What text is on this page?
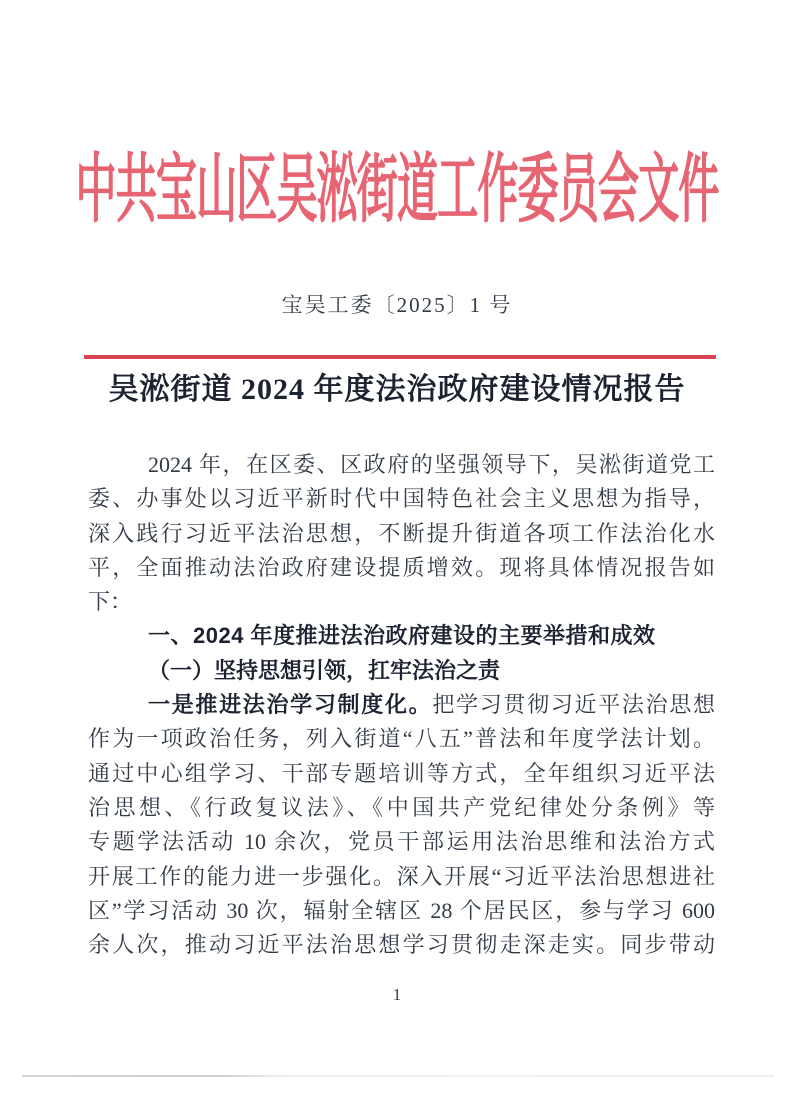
中共宝山区吴淞街道工作委员会文件
宝吴工委〔2025〕1 号
吴淞街道 2024 年度法治政府建设情况报告
2024 年，在区委、区政府的坚强领导下，吴淞街道党工
委、办事处以习近平新时代中国特色社会主义思想为指导，
深入践行习近平法治思想，不断提升街道各项工作法治化水
平，全面推动法治政府建设提质增效。现将具体情况报告如
下：
一、2024 年度推进法治政府建设的主要举措和成效
（一）坚持思想引领，扛牢法治之责
一是推进法治学习制度化。把学习贯彻习近平法治思想
作为一项政治任务，列入街道“八五”普法和年度学法计划。
通过中心组学习、干部专题培训等方式，全年组织习近平法
治思想、《行政复议法》、《中国共产党纪律处分条例》等
专题学法活动 10 余次，党员干部运用法治思维和法治方式
开展工作的能力进一步强化。深入开展“习近平法治思想进社
区”学习活动 30 次，辐射全辖区 28 个居民区，参与学习 600
余人次，推动习近平法治思想学习贯彻走深走实。同步带动
1
